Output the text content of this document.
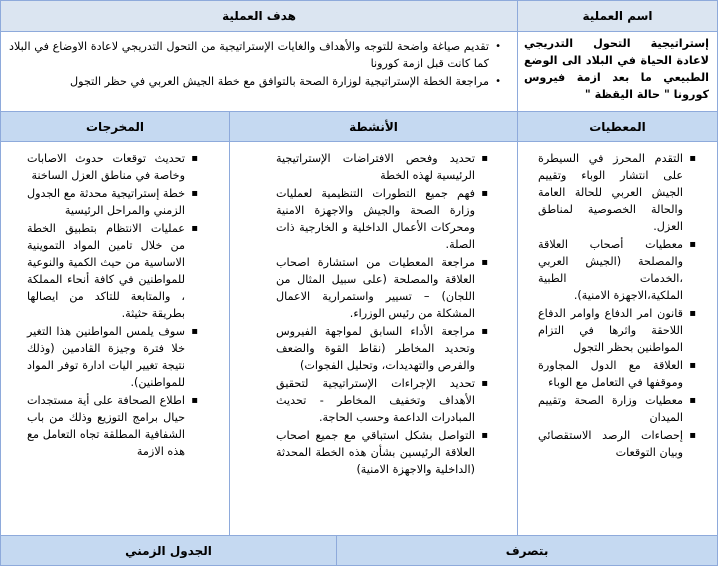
اسم العملية
هدف العملية
إستراتيجية التحول التدريجي لاعادة الحياة في البلاد الى الوضع الطبيعي ما بعد ازمة فيروس كورونا " حالة اليقظة "
• تقديم صياغة واضحة للتوجه والأهداف والغايات الإستراتيجية من التحول التدريجي لاعادة الاوضاع في البلاد كما كانت قبل ازمة كورونا
• مراجعة الخطة الإستراتيجية لوزارة الصحة بالتوافق مع خطة الجيش العربي في حظر التجول
المعطيات
الأنشطة
المخرجات
▪ التقدم المحرز في السيطرة على انتشار الوباء وتقييم الجيش العربي للحالة العامة والحالة الخصوصية لمناطق العزل.
▪ معطيات أصحاب العلاقة والمصلحة (الجيش العربي ،الخدمات الطبية الملكية،الاجهزة الامنية).
▪ قانون امر الدفاع واوامر الدفاع اللاحقة واثرها في التزام المواطنين بحظر التجول
▪ العلاقة مع الدول المجاورة وموقفها في التعامل مع الوباء
▪ معطيات وزارة الصحة وتقييم الميدان
▪ إحصاءات الرصد الاستقصائي وبيان التوقعات
▪ تحديد وفحص الافتراضات الإستراتيجية الرئيسية لهذه الخطة
▪ فهم جميع التطورات التنظيمية لعمليات وزارة الصحة والجيش والاجهزة الامنية ومحركات الأعمال الداخلية و الخارجية ذات الصلة.
▪ مراجعة المعطيات من استشارة اصحاب العلاقة والمصلحة (على سبيل المثال من اللجان) – تسيير واستمرارية الاعمال المشكلة من رئيس الوزراء.
▪ مراجعة الأداء السابق لمواجهة الفيروس وتحديد المخاطر (نقاط القوة والضعف والفرص والتهديدات، وتحليل الفجوات)
▪ تحديد الإجراءات الإستراتيجية لتحقيق الأهداف وتخفيف المخاطر - تحديث المبادرات الداعمة وحسب الحاجة.
▪ التواصل بشكل استباقي مع جميع اصحاب العلاقة الرئيسين بشأن هذه الخطة المحدثة (الداخلية والاجهزة الامنية)
▪ تحديث توقعات حدوث الاصابات وخاصة في مناطق العزل الساخنة
▪ خطة إستراتيجية محدثة مع الجدول الزمني والمراحل الرئيسية
▪ عمليات الانتظام بتطبيق الخطة من خلال تامين المواد التموينية الاساسية من حيث الكمية والنوعية للمواطنين في كافة أنحاء المملكة ، والمتابعة للتاكد من ايصالها بطريقة حثيثة.
▪ سوف يلمس المواطنين هذا التغير خلا فترة وجيزة القادمين (وذلك نتيجة تغيير اليات ادارة توفر المواد للمواطنين).
▪ اطلاع الصحافة على أية مستجدات حيال برامج التوزيع وذلك من باب الشفافية المطلقة تجاه التعامل مع هذه الازمة
بتصرف
الجدول الزمني
